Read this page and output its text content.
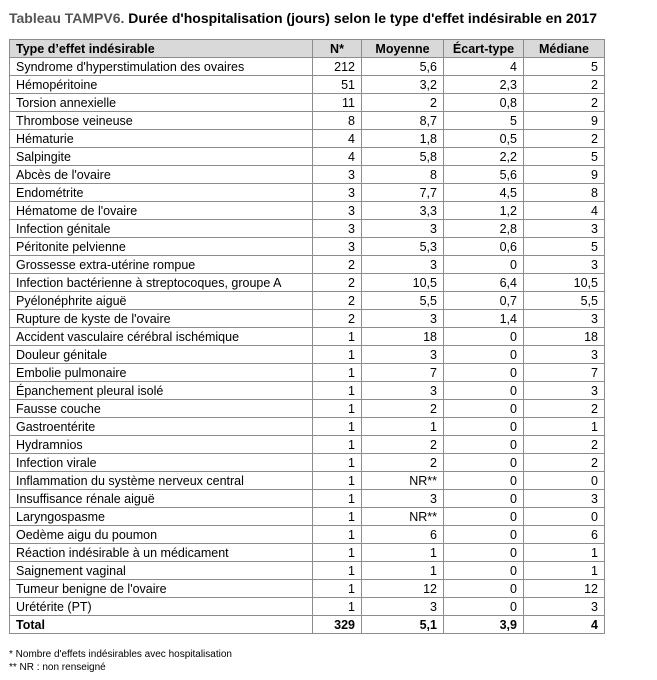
Tableau TAMPV6. Durée d'hospitalisation (jours) selon le type d'effet indésirable en 2017
Type d’effet indésirable	N*	Moyenne	Écart-type	Médiane
Syndrome d'hyperstimulation des ovaires	212	5,6	4	5
Hémopéritoine	51	3,2	2,3	2
Torsion annexielle	11	2	0,8	2
Thrombose veineuse	8	8,7	5	9
Hématurie	4	1,8	0,5	2
Salpingite	4	5,8	2,2	5
Abcès de l'ovaire	3	8	5,6	9
Endométrite	3	7,7	4,5	8
Hématome de l'ovaire	3	3,3	1,2	4
Infection génitale	3	3	2,8	3
Péritonite pelvienne	3	5,3	0,6	5
Grossesse extra-utérine rompue	2	3	0	3
Infection bactérienne à streptocoques, groupe A	2	10,5	6,4	10,5
Pyélonéphrite aiguë	2	5,5	0,7	5,5
Rupture de kyste de l'ovaire	2	3	1,4	3
Accident vasculaire cérébral ischémique	1	18	0	18
Douleur génitale	1	3	0	3
Embolie pulmonaire	1	7	0	7
Épanchement pleural isolé	1	3	0	3
Fausse couche	1	2	0	2
Gastroentérite	1	1	0	1
Hydramnios	1	2	0	2
Infection virale	1	2	0	2
Inflammation du système nerveux central	1	NR**	0	0
Insuffisance rénale aiguë	1	3	0	3
Laryngospasme	1	NR**	0	0
Oedème aigu du poumon	1	6	0	6
Réaction indésirable à un médicament	1	1	0	1
Saignement vaginal	1	1	0	1
Tumeur benigne de l'ovaire	1	12	0	12
Urétérite (PT)	1	3	0	3
Total	329	5,1	3,9	4
* Nombre d'effets indésirables avec hospitalisation
** NR : non renseigné
